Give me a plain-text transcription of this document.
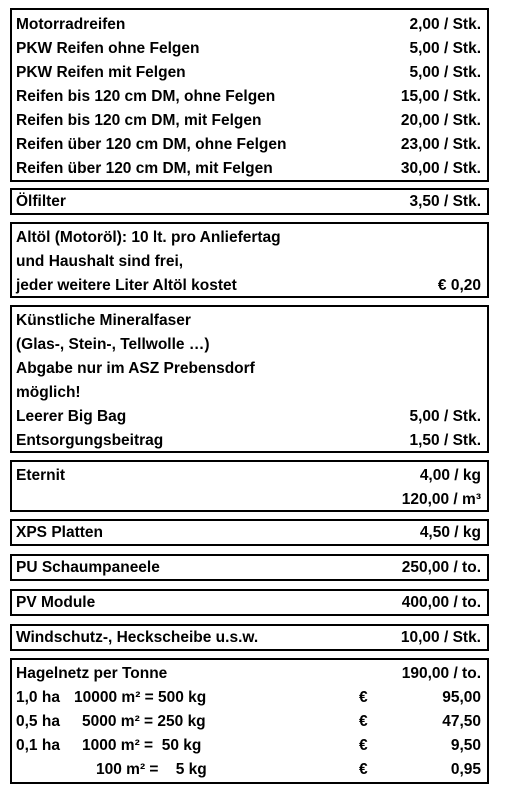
Motorradreifen	2,00 / Stk.
PKW Reifen ohne Felgen	5,00 / Stk.
PKW Reifen mit Felgen	5,00 / Stk.
Reifen bis 120 cm DM, ohne Felgen	15,00 / Stk.
Reifen bis 120 cm DM, mit Felgen	20,00 / Stk.
Reifen über 120 cm DM, ohne Felgen	23,00 / Stk.
Reifen über 120 cm DM, mit Felgen	30,00 / Stk.
Ölfilter	3,50 / Stk.
Altöl (Motoröl): 10 lt. pro Anliefertag
und Haushalt sind frei,
jeder weitere Liter Altöl kostet	€ 0,20
Künstliche Mineralfaser
(Glas-, Stein-, Tellwolle …)
Abgabe nur im ASZ Prebensdorf
möglich!
Leerer Big Bag	5,00 / Stk.
Entsorgungsbeitrag	1,50 / Stk.
Eternit	4,00 / kg
120,00 / m³
XPS Platten	4,50 / kg
PU Schaumpaneele	250,00 / to.
PV Module	400,00 / to.
Windschutz-, Heckscheibe u.s.w.	10,00 / Stk.
Hagelnetz per Tonne	190,00 / to.
1,0 ha 10000 m² = 500 kg	€	95,00
0,5 ha 5000 m² = 250 kg	€	47,50
0,1 ha 1000 m² =  50 kg	€	9,50
100 m² =    5 kg	€	0,95
